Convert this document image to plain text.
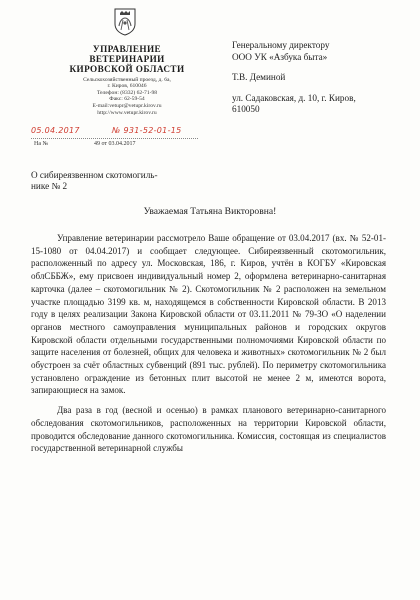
УПРАВЛЕНИЕ
ВЕТЕРИНАРИИ
КИРОВСКОЙ ОБЛАСТИ
Сельскохозяйственный проезд, д. 6а,
г. Киров, 610046
Телефон: (8332) 62-71-98
Факс: 62-59-54
E-mail:vetupr@vetupr.kirov.ru
http://www.vetupr.kirov.ru
05.04.2017	№ 931-52-01-15
На №	49 от 03.04.2017
Генеральному директору
ООО УК «Азбука быта»
Т.В. Деминой
ул. Садаковская, д. 10, г. Киров,
610050
О сибиреязвенном скотомогиль-
нике № 2
Уважаемая Татьяна Викторовна!

Управление ветеринарии рассмотрело Ваше обращение от 03.04.2017 (вх. № 52-01-15-1080 от 04.04.2017) и сообщает следующее. Сибиреязвенный скотомогильник, расположенный по адресу ул. Московская, 186, г. Киров, учтён в КОГБУ «Кировская облСББЖ», ему присвоен индивидуальный номер 2, оформлена ветеринарно-санитарная карточка (далее – скотомогильник № 2). Скотомогильник № 2 расположен на земельном участке площадью 3199 кв. м, находящемся в собственности Кировской области. В 2013 году в целях реализации Закона Кировской области от 03.11.2011 № 79-ЗО «О наделении органов местного самоуправления муниципальных районов и городских округов Кировской области отдельными государственными полномочиями Кировской области по защите населения от болезней, общих для человека и животных» скотомогильник № 2 был обустроен за счёт областных субвенций (891 тыс. рублей). По периметру скотомогильника установлено ограждение из бетонных плит высотой не менее 2 м, имеются ворота, запирающиеся на замок.

Два раза в год (весной и осенью) в рамках планового ветеринарно-санитарного обследования скотомогильников, расположенных на территории Кировской области, проводится обследование данного скотомогильника. Комиссия, состоящая из специалистов государственной ветеринарной службы
